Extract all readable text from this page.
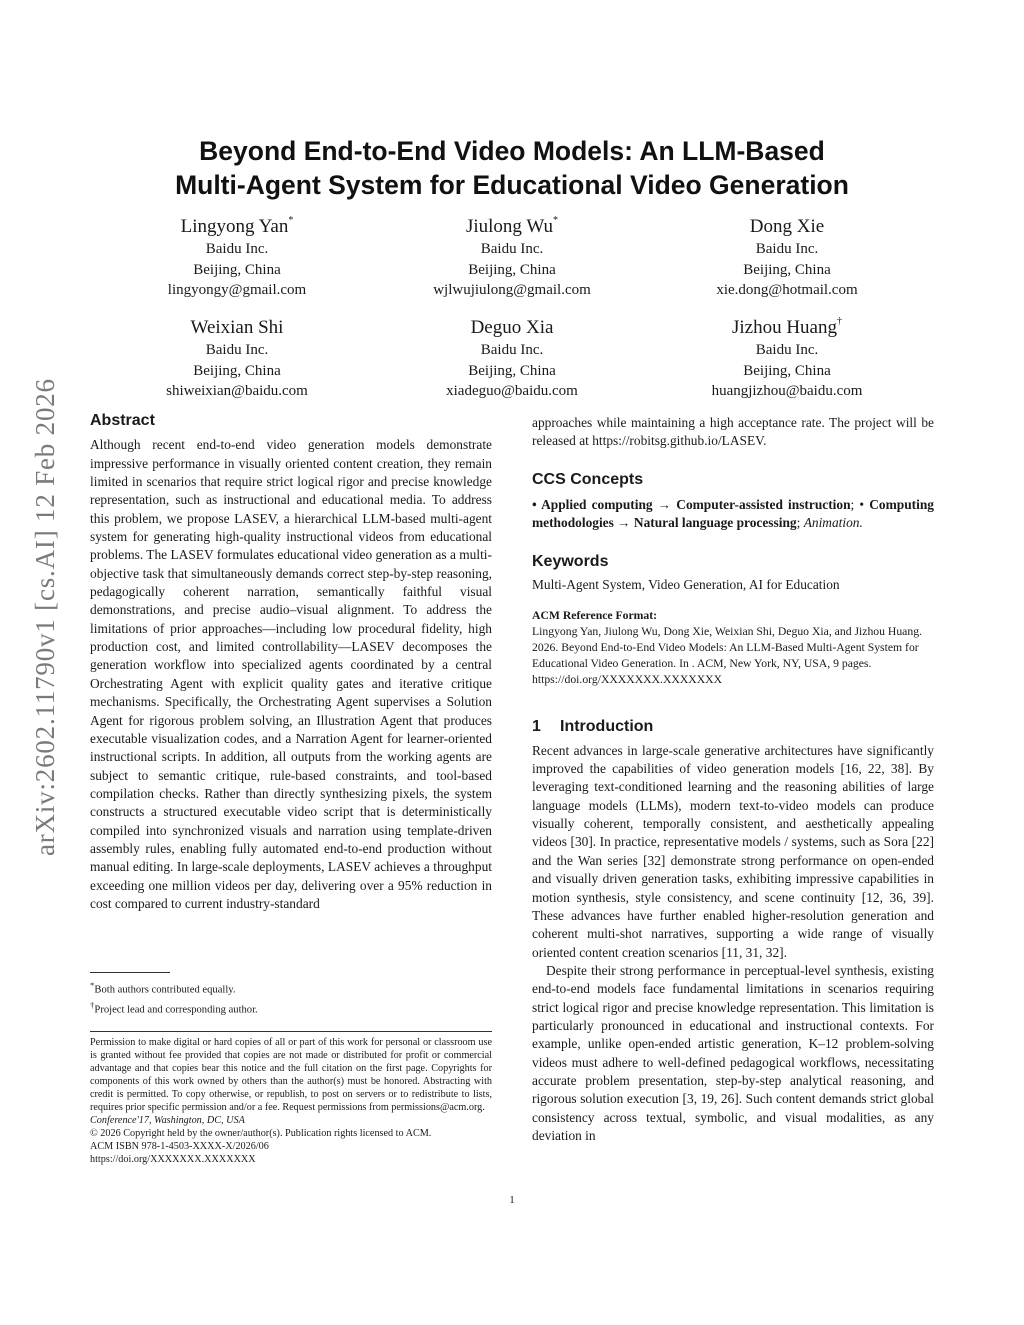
arXiv:2602.11790v1 [cs.AI] 12 Feb 2026
Beyond End-to-End Video Models: An LLM-Based
Multi-Agent System for Educational Video Generation
Lingyong Yan*
Baidu Inc.
Beijing, China
lingyongy@gmail.com
Jiulong Wu*
Baidu Inc.
Beijing, China
wjlwujiulong@gmail.com
Dong Xie
Baidu Inc.
Beijing, China
xie.dong@hotmail.com
Weixian Shi
Baidu Inc.
Beijing, China
shiweixian@baidu.com
Deguo Xia
Baidu Inc.
Beijing, China
xiadeguo@baidu.com
Jizhou Huang†
Baidu Inc.
Beijing, China
huangjizhou@baidu.com

Abstract

Although recent end-to-end video generation models demonstrate impressive performance in visually oriented content creation, they remain limited in scenarios that require strict logical rigor and precise knowledge representation, such as instructional and educational media. To address this problem, we propose LASEV, a hierarchical LLM-based multi-agent system for generating high-quality instructional videos from educational problems. The LASEV formulates educational video generation as a multi-objective task that simultaneously demands correct step-by-step reasoning, pedagogically coherent narration, semantically faithful visual demonstrations, and precise audio–visual alignment. To address the limitations of prior approaches—including low procedural fidelity, high production cost, and limited controllability—LASEV decomposes the generation workflow into specialized agents coordinated by a central Orchestrating Agent with explicit quality gates and iterative critique mechanisms. Specifically, the Orchestrating Agent supervises a Solution Agent for rigorous problem solving, an Illustration Agent that produces executable visualization codes, and a Narration Agent for learner-oriented instructional scripts. In addition, all outputs from the working agents are subject to semantic critique, rule-based constraints, and tool-based compilation checks. Rather than directly synthesizing pixels, the system constructs a structured executable video script that is deterministically compiled into synchronized visuals and narration using template-driven assembly rules, enabling fully automated end-to-end production without manual editing. In large-scale deployments, LASEV achieves a throughput exceeding one million videos per day, delivering over a 95% reduction in cost compared to current industry-standard

*Both authors contributed equally.
†Project lead and corresponding author.

Permission to make digital or hard copies of all or part of this work for personal or classroom use is granted without fee provided that copies are not made or distributed for profit or commercial advantage and that copies bear this notice and the full citation on the first page. Copyrights for components of this work owned by others than the author(s) must be honored. Abstracting with credit is permitted. To copy otherwise, or republish, to post on servers or to redistribute to lists, requires prior specific permission and/or a fee. Request permissions from permissions@acm.org.

Conference'17, Washington, DC, USA

© 2026 Copyright held by the owner/author(s). Publication rights licensed to ACM.

ACM ISBN 978-1-4503-XXXX-X/2026/06

https://doi.org/XXXXXXX.XXXXXXX

approaches while maintaining a high acceptance rate. The project will be released at https://robitsg.github.io/LASEV.

CCS Concepts

• Applied computing → Computer-assisted instruction; • Computing methodologies → Natural language processing; Animation.

Keywords

Multi-Agent System, Video Generation, AI for Education

ACM Reference Format:

Lingyong Yan, Jiulong Wu, Dong Xie, Weixian Shi, Deguo Xia, and Jizhou Huang. 2026. Beyond End-to-End Video Models: An LLM-Based Multi-Agent System for Educational Video Generation. In . ACM, New York, NY, USA, 9 pages. https://doi.org/XXXXXXX.XXXXXXX

1 Introduction

Recent advances in large-scale generative architectures have significantly improved the capabilities of video generation models [16, 22, 38]. By leveraging text-conditioned learning and the reasoning abilities of large language models (LLMs), modern text-to-video models can produce visually coherent, temporally consistent, and aesthetically appealing videos [30]. In practice, representative models / systems, such as Sora [22] and the Wan series [32] demonstrate strong performance on open-ended and visually driven generation tasks, exhibiting impressive capabilities in motion synthesis, style consistency, and scene continuity [12, 36, 39]. These advances have further enabled higher-resolution generation and coherent multi-shot narratives, supporting a wide range of visually oriented content creation scenarios [11, 31, 32].

Despite their strong performance in perceptual-level synthesis, existing end-to-end models face fundamental limitations in scenarios requiring strict logical rigor and precise knowledge representation. This limitation is particularly pronounced in educational and instructional contexts. For example, unlike open-ended artistic generation, K–12 problem-solving videos must adhere to well-defined pedagogical workflows, necessitating accurate problem presentation, step-by-step analytical reasoning, and rigorous solution execution [3, 19, 26]. Such content demands strict global consistency across textual, symbolic, and visual modalities, as any deviation in

1
